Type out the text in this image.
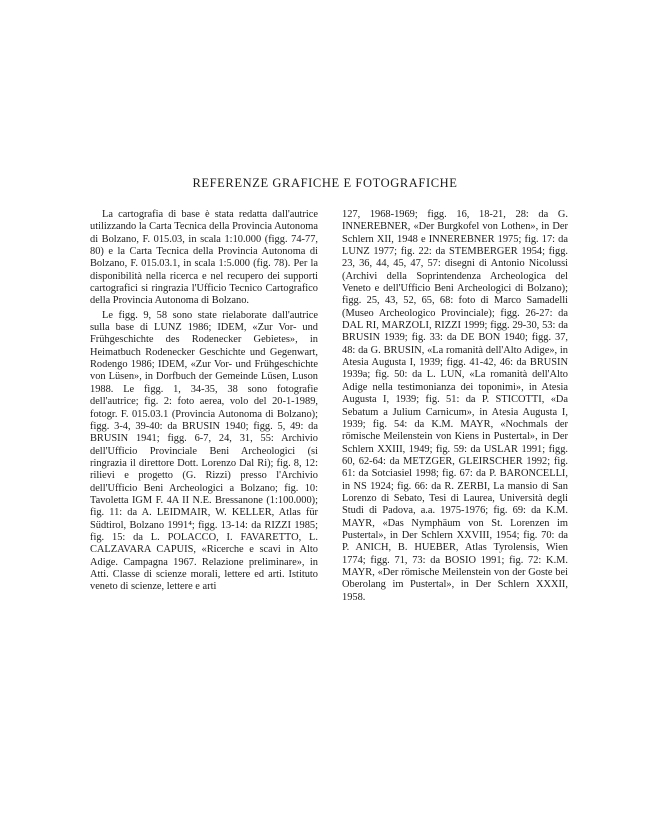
REFERENZE GRAFICHE E FOTOGRAFICHE

La cartografia di base è stata redatta dall'autrice utilizzando la Carta Tecnica della Provincia Autonoma di Bolzano, F. 015.03, in scala 1:10.000 (figg. 74-77, 80) e la Carta Tecnica della Provincia Autonoma di Bolzano, F. 015.03.1, in scala 1:5.000 (fig. 78). Per la disponibilità nella ricerca e nel recupero dei supporti cartografici si ringrazia l'Ufficio Tecnico Cartografico della Provincia Autonoma di Bolzano.

Le figg. 9, 58 sono state rielaborate dall'autrice sulla base di LUNZ 1986; IDEM, «Zur Vor- und Frühgeschichte des Rodenecker Gebietes», in Heimatbuch Rodenecker Geschichte und Gegenwart, Rodengo 1986; IDEM, «Zur Vor- und Frühgeschichte von Lüsen», in Dorfbuch der Gemeinde Lüsen, Luson 1988. Le figg. 1, 34-35, 38 sono fotografie dell'autrice; fig. 2: foto aerea, volo del 20-1-1989, fotogr. F. 015.03.1 (Provincia Autonoma di Bolzano); figg. 3-4, 39-40: da BRUSIN 1940; figg. 5, 49: da BRUSIN 1941; figg. 6-7, 24, 31, 55: Archivio dell'Ufficio Provinciale Beni Archeologici (si ringrazia il direttore Dott. Lorenzo Dal Ri); fig. 8, 12: rilievi e progetto (G. Rizzi) presso l'Archivio dell'Ufficio Beni Archeologici a Bolzano; fig. 10: Tavoletta IGM F. 4A II N.E. Bressanone (1:100.000); fig. 11: da A. LEIDMAIR, W. KELLER, Atlas für Südtirol, Bolzano 1991⁴; figg. 13-14: da RIZZI 1985; fig. 15: da L. POLACCO, I. FAVARETTO, L. CALZAVARA CAPUIS, «Ricerche e scavi in Alto Adige. Campagna 1967. Relazione preliminare», in Atti. Classe di scienze morali, lettere ed arti. Istituto veneto di scienze, lettere e arti

127, 1968-1969; figg. 16, 18-21, 28: da G. INNEREBNER, «Der Burgkofel von Lothen», in Der Schlern XII, 1948 e INNEREBNER 1975; fig. 17: da LUNZ 1977; fig. 22: da STEMBERGER 1954; figg. 23, 36, 44, 45, 47, 57: disegni di Antonio Nicolussi (Archivi della Soprintendenza Archeologica del Veneto e dell'Ufficio Beni Archeologici di Bolzano); figg. 25, 43, 52, 65, 68: foto di Marco Samadelli (Museo Archeologico Provinciale); figg. 26-27: da DAL RI, MARZOLI, RIZZI 1999; figg. 29-30, 53: da BRUSIN 1939; fig. 33: da DE BON 1940; figg. 37, 48: da G. BRUSIN, «La romanità dell'Alto Adige», in Atesia Augusta I, 1939; figg. 41-42, 46: da BRUSIN 1939a; fig. 50: da L. LUN, «La romanità dell'Alto Adige nella testimonianza dei toponimi», in Atesia Augusta I, 1939; fig. 51: da P. STICOTTI, «Da Sebatum a Julium Carnicum», in Atesia Augusta I, 1939; fig. 54: da K.M. MAYR, «Nochmals der römische Meilenstein von Kiens in Pustertal», in Der Schlern XXIII, 1949; fig. 59: da USLAR 1991; figg. 60, 62-64: da METZGER, GLEIRSCHER 1992; fig. 61: da Sotciasiel 1998; fig. 67: da P. BARONCELLI, in NS 1924; fig. 66: da R. ZERBI, La mansio di San Lorenzo di Sebato, Tesi di Laurea, Università degli Studi di Padova, a.a. 1975-1976; fig. 69: da K.M. MAYR, «Das Nymphäum von St. Lorenzen im Pustertal», in Der Schlern XXVIII, 1954; fig. 70: da P. ANICH, B. HUEBER, Atlas Tyrolensis, Wien 1774; figg. 71, 73: da BOSIO 1991; fig. 72: K.M. MAYR, «Der römische Meilenstein von der Goste bei Oberolang im Pustertal», in Der Schlern XXXII, 1958.
